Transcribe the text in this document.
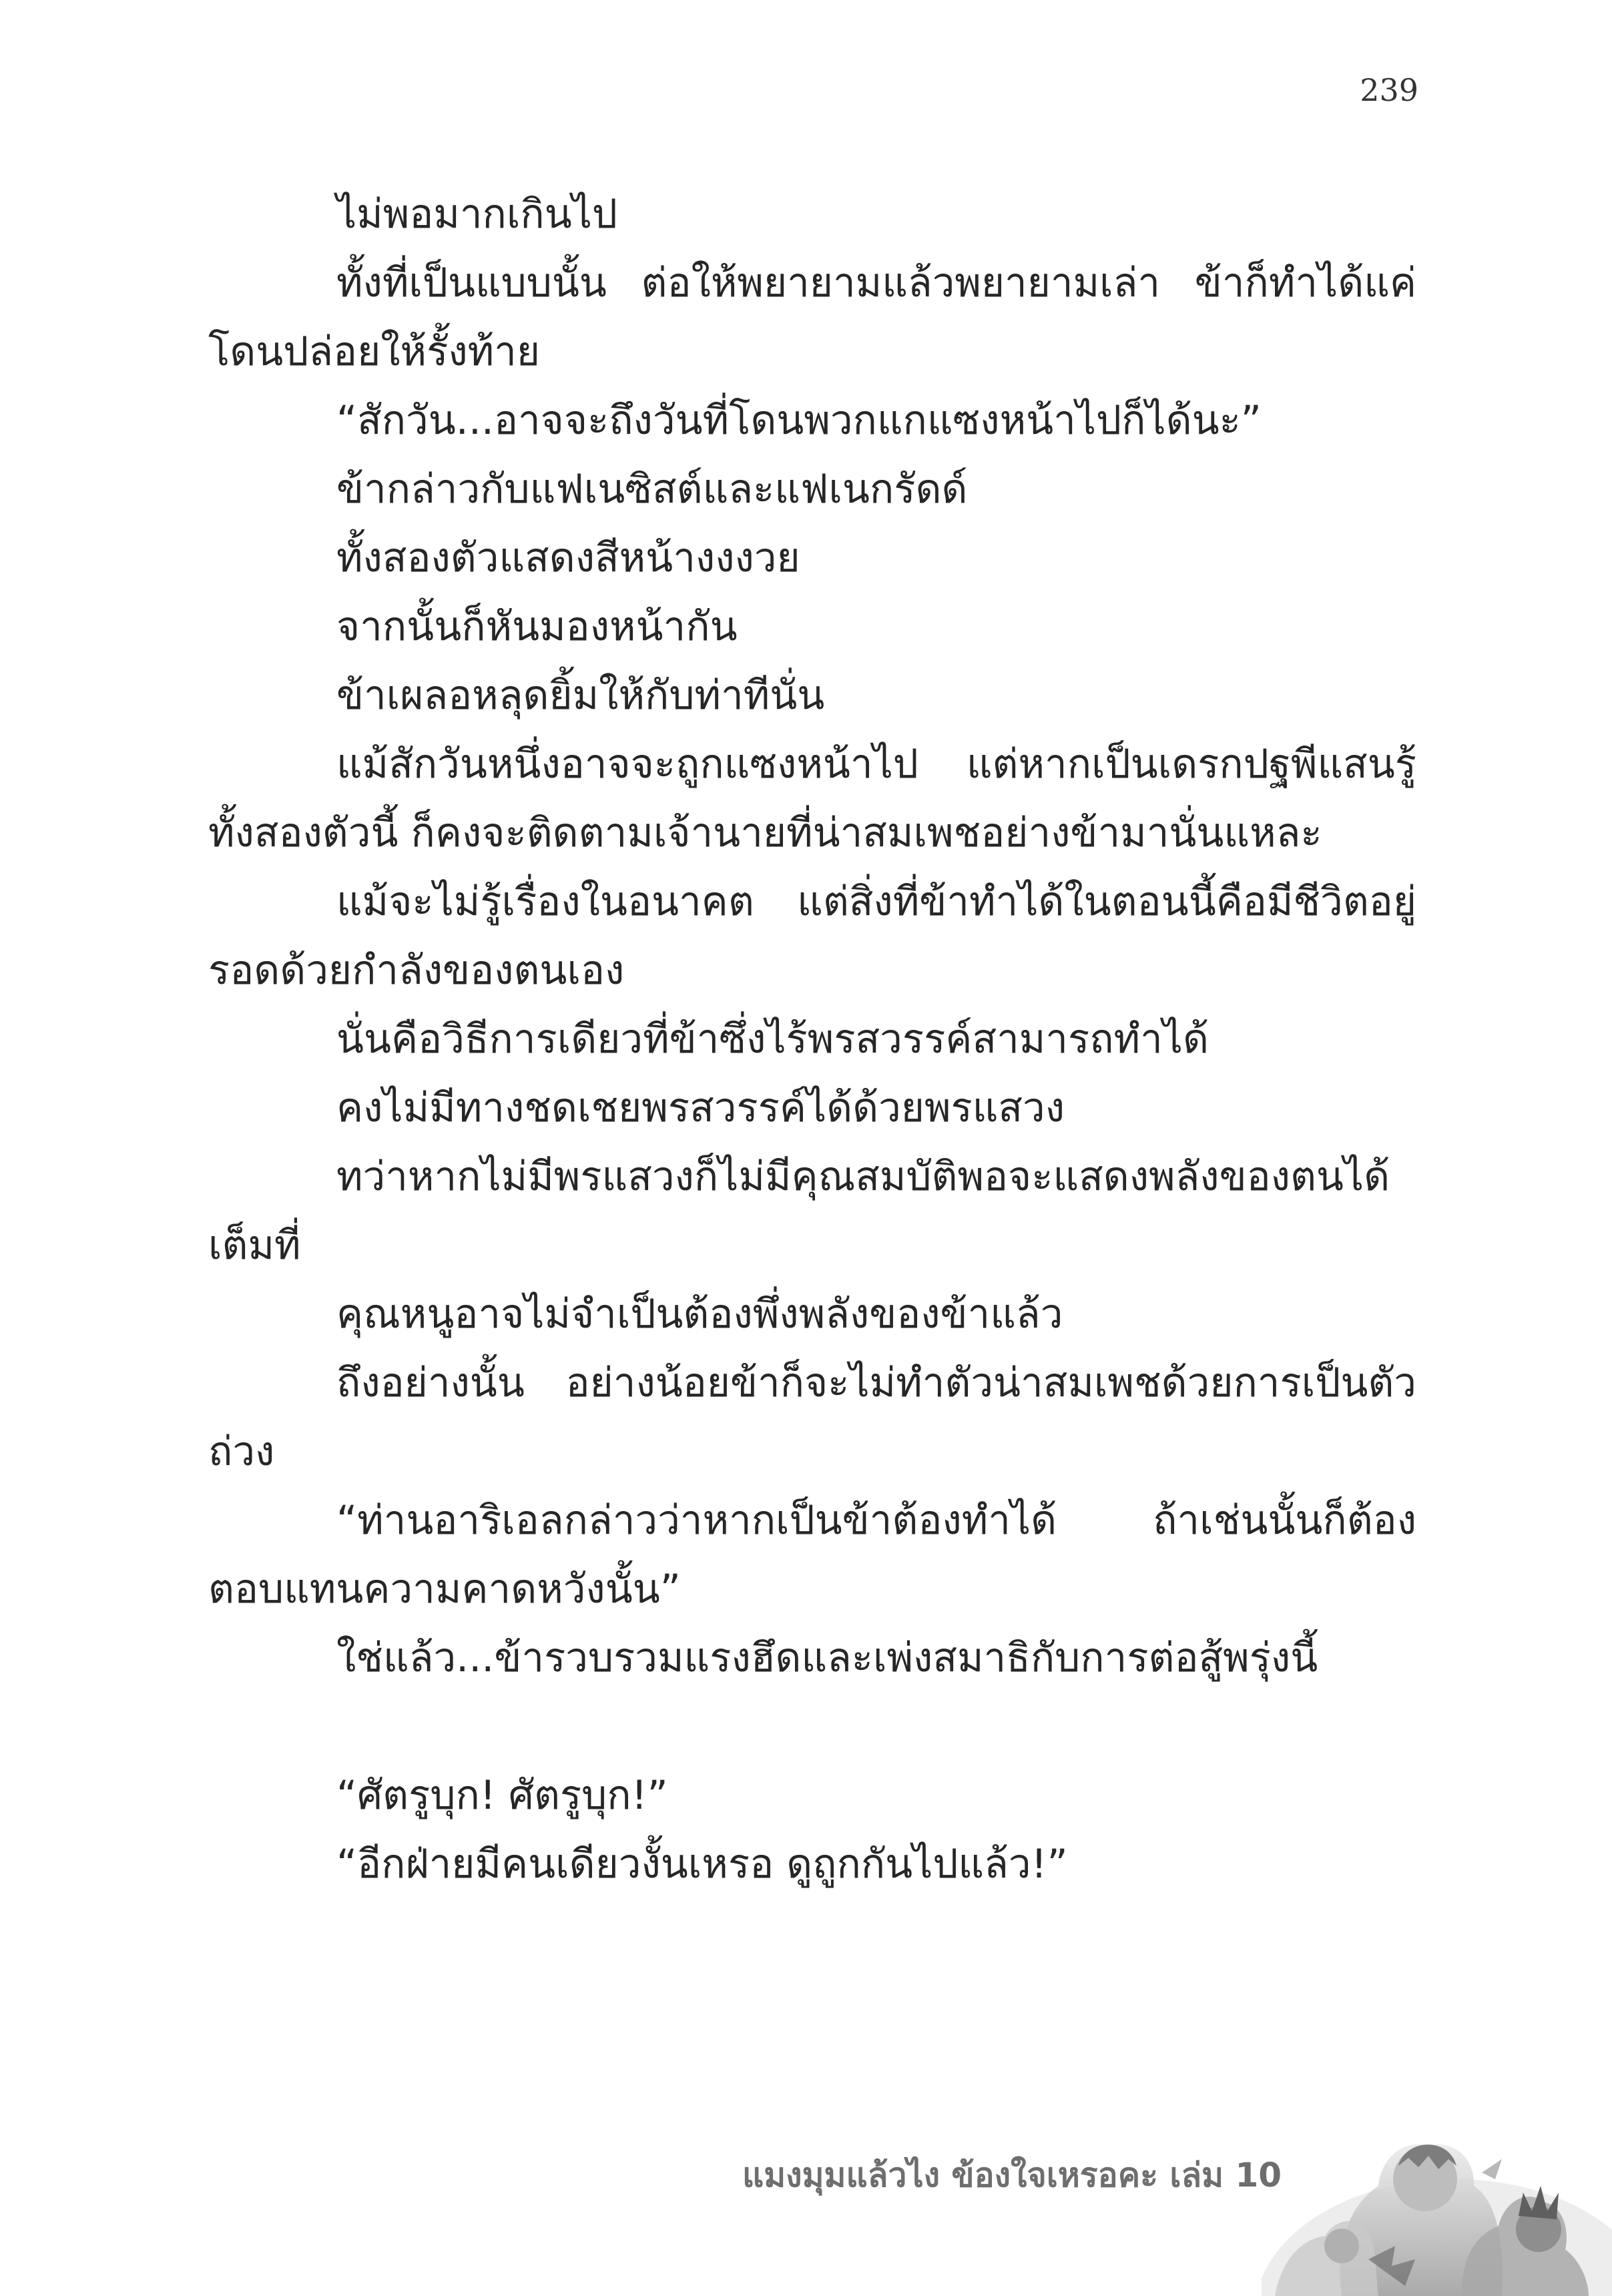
239

ไม่พอมากเกินไป

ทั้งที่เป็นแบบนั้น ต่อให้พยายามแล้วพยายามเล่า ข้าก็ทำได้แค่โดนปล่อยให้รั้งท้าย

“สักวัน...อาจจะถึงวันที่โดนพวกแกแซงหน้าไปก็ได้นะ”

ข้ากล่าวกับแฟเนซิสต์และแฟเนกรัดด์

ทั้งสองตัวแสดงสีหน้างงงวย

จากนั้นก็หันมองหน้ากัน

ข้าเผลอหลุดยิ้มให้กับท่าทีนั่น

แม้สักวันหนึ่งอาจจะถูกแซงหน้าไป แต่หากเป็นเดรกปฐพีแสนรู้ทั้งสองตัวนี้ ก็คงจะติดตามเจ้านายที่น่าสมเพชอย่างข้ามานั่นแหละ

แม้จะไม่รู้เรื่องในอนาคต แต่สิ่งที่ข้าทำได้ในตอนนี้คือมีชีวิตอยู่รอดด้วยกำลังของตนเอง

นั่นคือวิธีการเดียวที่ข้าซึ่งไร้พรสวรรค์สามารถทำได้

คงไม่มีทางชดเชยพรสวรรค์ได้ด้วยพรแสวง

ทว่าหากไม่มีพรแสวงก็ไม่มีคุณสมบัติพอจะแสดงพลังของตนได้เต็มที่

คุณหนูอาจไม่จำเป็นต้องพึ่งพลังของข้าแล้ว

ถึงอย่างนั้น อย่างน้อยข้าก็จะไม่ทำตัวน่าสมเพชด้วยการเป็นตัวถ่วง

“ท่านอาริเอลกล่าวว่าหากเป็นข้าต้องทำได้ ถ้าเช่นนั้นก็ต้องตอบแทนความคาดหวังนั้น”

ใช่แล้ว...ข้ารวบรวมแรงฮึดและเพ่งสมาธิกับการต่อสู้พรุ่งนี้

“ศัตรูบุก! ศัตรูบุก!”

“อีกฝ่ายมีคนเดียวงั้นเหรอ ดูถูกกันไปแล้ว!”

แมงมุมแล้วไง ข้องใจเหรอคะ เล่ม 10
